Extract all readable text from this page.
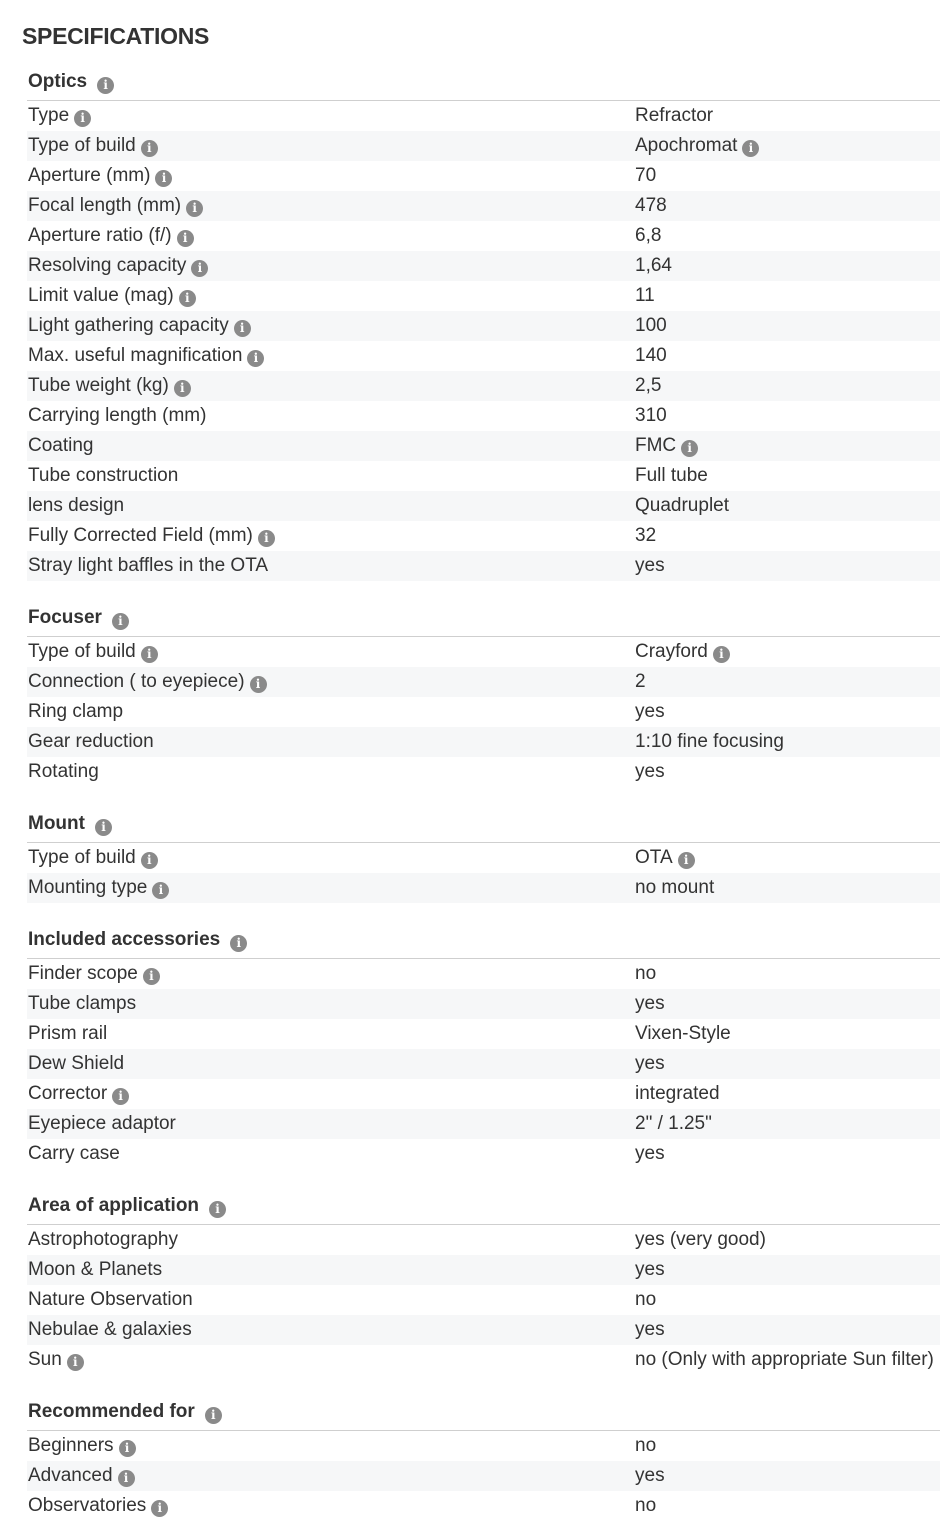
SPECIFICATIONS
Optics i
Type i	Refractor
Type of build i	Apochromat i
Aperture (mm) i	70
Focal length (mm) i	478
Aperture ratio (f/) i	6,8
Resolving capacity i	1,64
Limit value (mag) i	11
Light gathering capacity i	100
Max. useful magnification i	140
Tube weight (kg) i	2,5
Carrying length (mm)	310
Coating	FMC i
Tube construction	Full tube
lens design	Quadruplet
Fully Corrected Field (mm) i	32
Stray light baffles in the OTA	yes
Focuser i
Type of build i	Crayford i
Connection ( to eyepiece) i	2
Ring clamp	yes
Gear reduction	1:10 fine focusing
Rotating	yes
Mount i
Type of build i	OTA i
Mounting type i	no mount
Included accessories i
Finder scope i	no
Tube clamps	yes
Prism rail	Vixen-Style
Dew Shield	yes
Corrector i	integrated
Eyepiece adaptor	2" / 1.25"
Carry case	yes
Area of application i
Astrophotography	yes (very good)
Moon & Planets	yes
Nature Observation	no
Nebulae & galaxies	yes
Sun i	no (Only with appropriate Sun filter)
Recommended for i
Beginners i	no
Advanced i	yes
Observatories i	no
